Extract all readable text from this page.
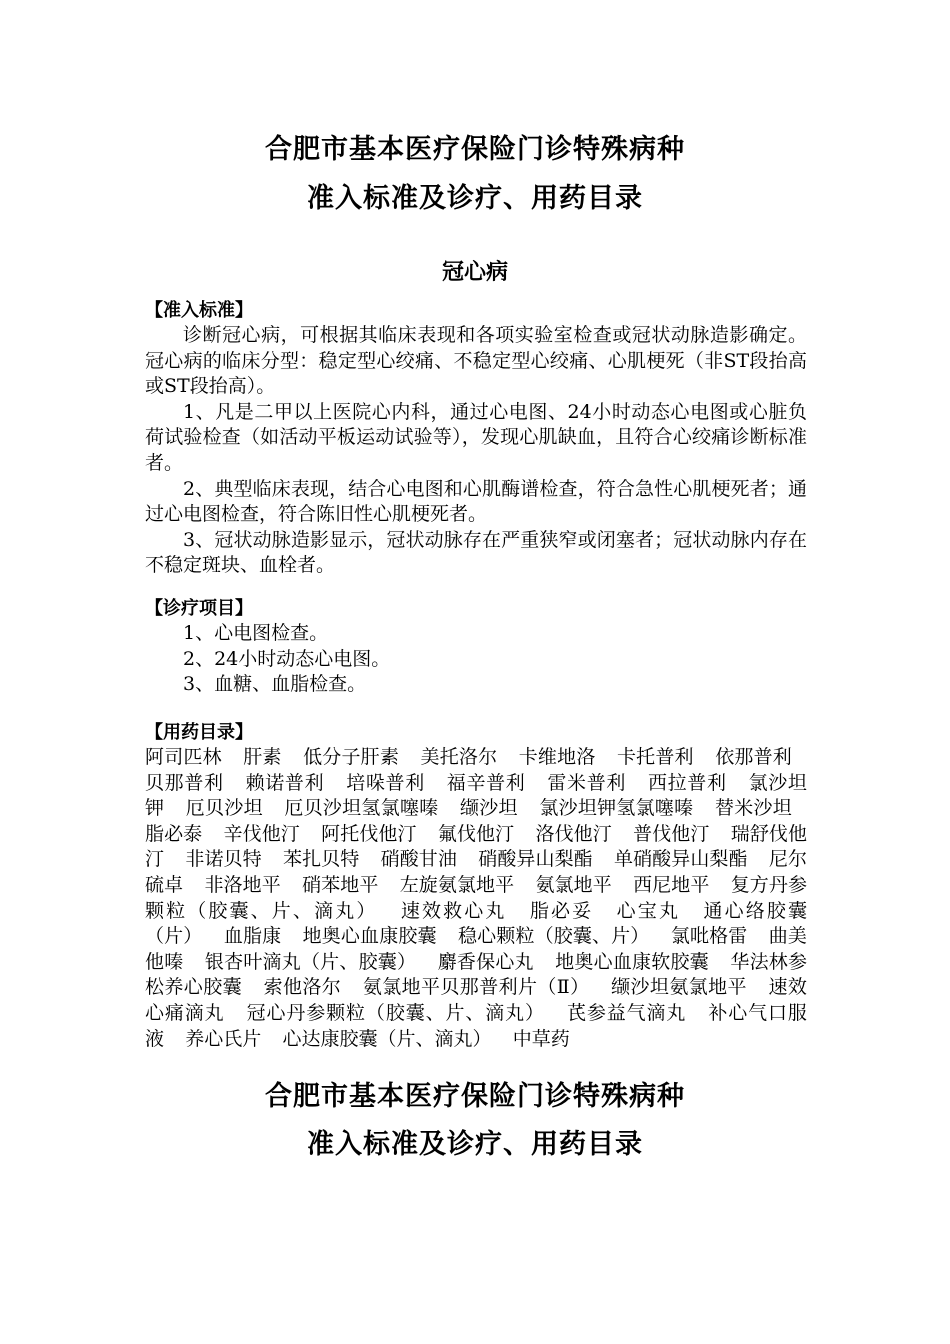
合肥市基本医疗保险门诊特殊病种
准入标准及诊疗、用药目录
冠心病

【准入标准】

诊断冠心病，可根据其临床表现和各项实验室检查或冠状动脉造影确定。冠心病的临床分型：稳定型心绞痛、不稳定型心绞痛、心肌梗死（非ST段抬高或ST段抬高）。

1、凡是二甲以上医院心内科，通过心电图、24小时动态心电图或心脏负荷试验检查（如活动平板运动试验等），发现心肌缺血，且符合心绞痛诊断标准者。

2、典型临床表现，结合心电图和心肌酶谱检查，符合急性心肌梗死者；通过心电图检查，符合陈旧性心肌梗死者。

3、冠状动脉造影显示，冠状动脉存在严重狭窄或闭塞者；冠状动脉内存在不稳定斑块、血栓者。

【诊疗项目】

1、心电图检查。

2、24小时动态心电图。

3、血糖、血脂检查。

【用药目录】

阿司匹林 肝素 低分子肝素 美托洛尔 卡维地洛 卡托普利 依那普利 贝那普利 赖诺普利 培哚普利 福辛普利 雷米普利 西拉普利 氯沙坦钾 厄贝沙坦 厄贝沙坦氢氯噻嗪 缬沙坦 氯沙坦钾氢氯噻嗪 替米沙坦 脂必泰 辛伐他汀 阿托伐他汀 氟伐他汀 洛伐他汀 普伐他汀 瑞舒伐他汀 非诺贝特 苯扎贝特 硝酸甘油 硝酸异山梨酯 单硝酸异山梨酯 尼尔硫卓 非洛地平 硝苯地平 左旋氨氯地平 氨氯地平 西尼地平 复方丹参颗粒（胶囊、片、滴丸） 速效救心丸 脂必妥 心宝丸 通心络胶囊（片） 血脂康 地奥心血康胶囊 稳心颗粒（胶囊、片） 氯吡格雷 曲美他嗪 银杏叶滴丸（片、胶囊） 麝香保心丸 地奥心血康软胶囊 华法林参松养心胶囊 索他洛尔 氨氯地平贝那普利片（Ⅱ） 缬沙坦氨氯地平 速效心痛滴丸 冠心丹参颗粒（胶囊、片、滴丸） 芪参益气滴丸 补心气口服液 养心氏片 心达康胶囊（片、滴丸） 中草药

合肥市基本医疗保险门诊特殊病种
准入标准及诊疗、用药目录
